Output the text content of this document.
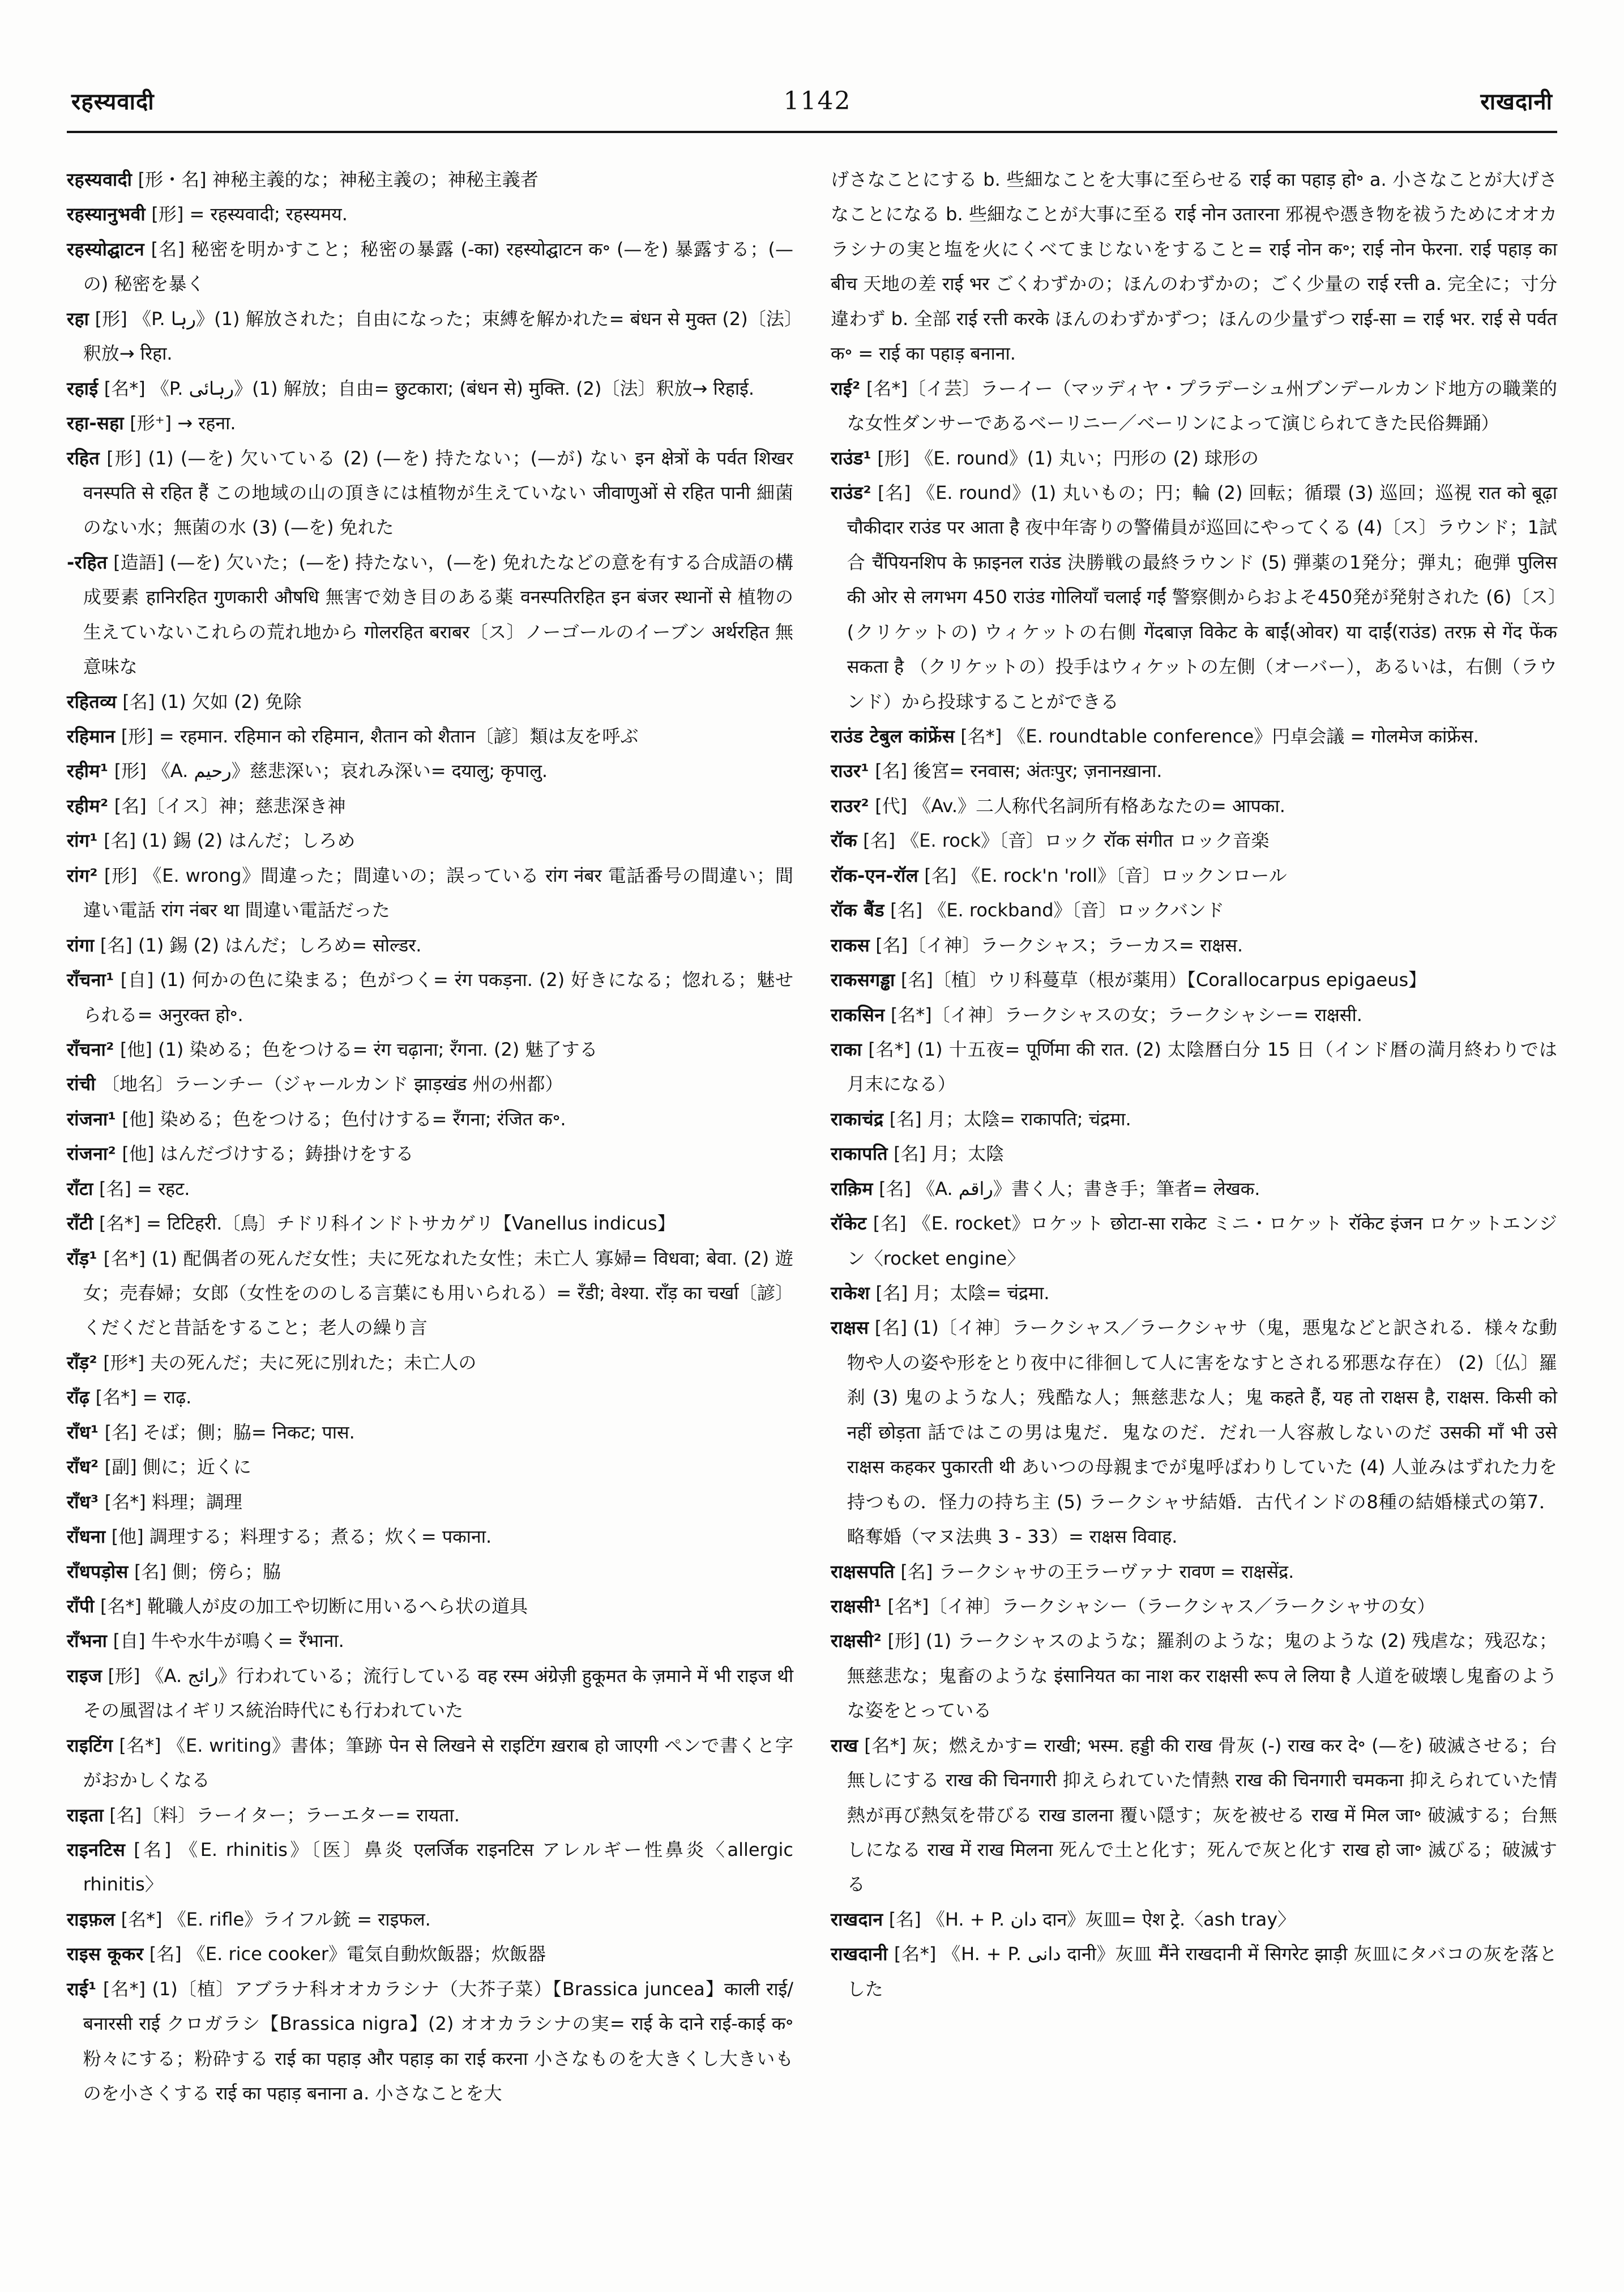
रहस्यवादी	1142	राखदानी
रहस्यवादी [形・名] 神秘主義的な；神秘主義の；神秘主義者
रहस्यानुभवी [形] = रहस्यवादी; रहस्यमय.
रहस्योद्घाटन [名] 秘密を明かすこと；秘密の暴露 (-का) रहस्योद्घाटन क॰ (—を) 暴露する；(—の) 秘密を暴く
रहा [形] 《P. رہا》(1) 解放された；自由になった；束縛を解かれた= बंधन से मुक्त (2)〔法〕釈放→ रिहा.
रहाई [名*] 《P. رہائی》(1) 解放；自由= छुटकारा; (बंधन से) मुक्ति. (2)〔法〕釈放→ रिहाई.
रहा-सहा [形⁺] → रहना.
रहित [形] (1) (—を) 欠いている (2) (—を) 持たない；(—が) ない इन क्षेत्रों के पर्वत शिखर वनस्पति से रहित हैं この地域の山の頂きには植物が生えていない जीवाणुओं से रहित पानी 細菌のない水；無菌の水 (3) (—を) 免れた
-रहित [造語] (—を) 欠いた；(—を) 持たない，(—を) 免れたなどの意を有する合成語の構成要素 हानिरहित गुणकारी औषधि 無害で効き目のある薬 वनस्पतिरहित इन बंजर स्थानों से 植物の生えていないこれらの荒れ地から गोलरहित बराबर〔ス〕ノーゴールのイーブン अर्थरहित 無意味な
रहितव्य [名] (1) 欠如 (2) 免除
रहिमान [形] = रहमान. रहिमान को रहिमान, शैतान को शैतान〔諺〕類は友を呼ぶ
रहीम¹ [形] 《A. رحيم》慈悲深い；哀れみ深い= दयालु; कृपालु.
रहीम² [名]〔イス〕神；慈悲深き神
रांग¹ [名] (1) 錫 (2) はんだ；しろめ
रांग² [形] 《E. wrong》間違った；間違いの；誤っている रांग नंबर 電話番号の間違い；間違い電話 रांग नंबर था 間違い電話だった
रांगा [名] (1) 錫 (2) はんだ；しろめ= सोल्डर.
राँचना¹ [自] (1) 何かの色に染まる；色がつく= रंग पकड़ना. (2) 好きになる；惚れる；魅せられる= अनुरक्त हो॰.
राँचना² [他] (1) 染める；色をつける= रंग चढ़ाना; रँगना. (2) 魅了する
रांची 〔地名〕ラーンチー（ジャールカンド झाड़खंड 州の州都）
रांजना¹ [他] 染める；色をつける；色付けする= रँगना; रंजित क॰.
रांजना² [他] はんだづけする；鋳掛けをする
राँटा [名] = रहट.
राँटी [名*] = टिटिहरी.〔鳥〕チドリ科インドトサカゲリ【Vanellus indicus】
राँड़¹ [名*] (1) 配偶者の死んだ女性；夫に死なれた女性；未亡人 寡婦= विधवा; बेवा. (2) 遊女；売春婦；女郎（女性をののしる言葉にも用いられる）= रँडी; वेश्या. राँड़ का चर्खा〔諺〕くだくだと昔話をすること；老人の繰り言
राँड़² [形*] 夫の死んだ；夫に死に別れた；未亡人の
राँढ़ [名*] = राढ़.
राँध¹ [名] そば；側；脇= निकट; पास.
राँध² [副] 側に；近くに
राँध³ [名*] 料理；調理
राँधना [他] 調理する；料理する；煮る；炊く= पकाना.
राँधपड़ोस [名] 側；傍ら；脇
राँपी [名*] 靴職人が皮の加工や切断に用いるへら状の道具
राँभना [自] 牛や水牛が鳴く= रँभाना.
राइज [形] 《A. رائج》行われている；流行している वह रस्म अंग्रेज़ी हुकूमत के ज़माने में भी राइज थी その風習はイギリス統治時代にも行われていた
राइटिंग [名*] 《E. writing》書体；筆跡 पेन से लिखने से राइटिंग ख़राब हो जाएगी ペンで書くと字がおかしくなる
राइता [名]〔料〕ラーイター；ラーエター= रायता.
राइनटिस [名] 《E. rhinitis》〔医〕鼻炎 एलर्जिक राइनटिस アレルギー性鼻炎〈allergic rhinitis〉
राइफ़ल [名*] 《E. rifle》ライフル銃 = राइफल.
राइस कूकर [名] 《E. rice cooker》電気自動炊飯器；炊飯器
राई¹ [名*] (1)〔植〕アブラナ科オオカラシナ（大芥子菜）【Brassica juncea】काली राई/बनारसी राई クロガラシ【Brassica nigra】(2) オオカラシナの実= राई के दाने राई-काई क॰ 粉々にする；粉砕する राई का पहाड़ और पहाड़ का राई करना 小さなものを大きくし大きいものを小さくする राई का पहाड़ बनाना a. 小さなことを大
げさなことにする b. 些細なことを大事に至らせる राई का पहाड़ हो॰ a. 小さなことが大げさなことになる b. 些細なことが大事に至る राई नोन उतारना 邪視や憑き物を祓うためにオオカラシナの実と塩を火にくべてまじないをすること= राई नोन क॰; राई नोन फेरना. राई पहाड़ का बीच 天地の差 राई भर ごくわずかの；ほんのわずかの；ごく少量の राई रत्ती a. 完全に；寸分違わず b. 全部 राई रत्ती करके ほんのわずかずつ；ほんの少量ずつ राई-सा = राई भर. राई से पर्वत क॰ = राई का पहाड़ बनाना.
राई² [名*]〔イ芸〕ラーイー（マッディヤ・プラデーシュ州ブンデールカンド地方の職業的な女性ダンサーであるベーリニー／ベーリンによって演じられてきた民俗舞踊）
राउंड¹ [形] 《E. round》(1) 丸い；円形の (2) 球形の
राउंड² [名] 《E. round》(1) 丸いもの；円；輪 (2) 回転；循環 (3) 巡回；巡視 रात को बूढ़ा चौकीदार राउंड पर आता है 夜中年寄りの警備員が巡回にやってくる (4)〔ス〕ラウンド；1試合 चैंपियनशिप के फ़ाइनल राउंड 決勝戦の最終ラウンド (5) 弾薬の1発分；弾丸；砲弾 पुलिस की ओर से लगभग 450 राउंड गोलियाँ चलाई गईं 警察側からおよそ450発が発射された (6)〔ス〕(クリケットの) ウィケットの右側 गेंदबाज़ विकेट के बाईं(ओवर) या दाईं(राउंड) तरफ़ से गेंद फेंक सकता है （クリケットの）投手はウィケットの左側（オーバー），あるいは，右側（ラウンド）から投球することができる
राउंड टेबुल कांफ्रेंस [名*] 《E. roundtable conference》円卓会議 = गोलमेज कांफ्रेंस.
राउर¹ [名] 後宮= रनवास; अंतःपुर; ज़नानख़ाना.
राउर² [代] 《Av.》二人称代名詞所有格あなたの= आपका.
रॉक [名] 《E. rock》〔音〕ロック रॉक संगीत ロック音楽
रॉक-एन-रॉल [名] 《E. rock'n 'roll》〔音〕ロックンロール
रॉक बैंड [名] 《E. rockband》〔音〕ロックバンド
राकस [名]〔イ神〕ラークシャス；ラーカス= राक्षस.
राकसगड्ढा [名]〔植〕ウリ科蔓草（根が薬用）【Corallocarpus epigaeus】
राकसिन [名*]〔イ神〕ラークシャスの女；ラークシャシー= राक्षसी.
राका [名*] (1) 十五夜= पूर्णिमा की रात. (2) 太陰暦白分 15 日（インド暦の満月終わりでは月末になる）
राकाचंद्र [名] 月；太陰= राकापति; चंद्रमा.
राकापति [名] 月；太陰
राक़िम [名] 《A. راقم》書く人；書き手；筆者= लेखक.
रॉकेट [名] 《E. rocket》ロケット छोटा-सा राकेट ミニ・ロケット रॉकेट इंजन ロケットエンジン〈rocket engine〉
राकेश [名] 月；太陰= चंद्रमा.
राक्षस [名] (1)〔イ神〕ラークシャス／ラークシャサ（鬼，悪鬼などと訳される．様々な動物や人の姿や形をとり夜中に徘徊して人に害をなすとされる邪悪な存在） (2)〔仏〕羅刹 (3) 鬼のような人；残酷な人；無慈悲な人；鬼 कहते हैं, यह तो राक्षस है, राक्षस. किसी को नहीं छोड़ता 話ではこの男は鬼だ．鬼なのだ．だれ一人容赦しないのだ उसकी माँ भी उसे राक्षस कहकर पुकारती थी あいつの母親までが鬼呼ばわりしていた (4) 人並みはずれた力を持つもの．怪力の持ち主 (5) ラークシャサ結婚．古代インドの8種の結婚様式の第7．略奪婚（マヌ法典 3 - 33）= राक्षस विवाह.
राक्षसपति [名] ラークシャサの王ラーヴァナ रावण = राक्षसेंद्र.
राक्षसी¹ [名*]〔イ神〕ラークシャシー（ラークシャス／ラークシャサの女）
राक्षसी² [形] (1) ラークシャスのような；羅刹のような；鬼のような (2) 残虐な；残忍な；無慈悲な；鬼畜のような इंसानियत का नाश कर राक्षसी रूप ले लिया है 人道を破壊し鬼畜のような姿をとっている
राख [名*] 灰；燃えかす= राखी; भस्म. हड्डी की राख 骨灰 (-) राख कर दे॰ (—を) 破滅させる；台無しにする राख की चिनगारी 抑えられていた情熱 राख की चिनगारी चमकना 抑えられていた情熱が再び熱気を帯びる राख डालना 覆い隠す；灰を被せる राख में मिल जा॰ 破滅する；台無しになる राख में राख मिलना 死んで土と化す；死んで灰と化す राख हो जा॰ 滅びる；破滅する
राखदान [名] 《H. + P. دان दान》灰皿= ऐश ट्रे.〈ash tray〉
राखदानी [名*] 《H. + P. دانی दानी》灰皿 मैंने राखदानी में सिगरेट झाड़ी 灰皿にタバコの灰を落とした
